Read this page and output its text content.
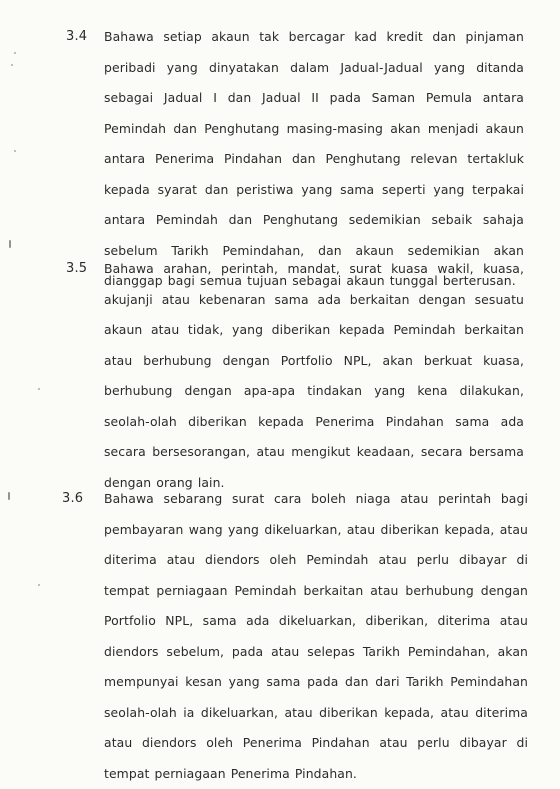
3.4 Bahawa setiap akaun tak bercagar kad kredit dan pinjaman peribadi yang dinyatakan dalam Jadual-Jadual yang ditanda sebagai Jadual I dan Jadual II pada Saman Pemula antara Pemindah dan Penghutang masing-masing akan menjadi akaun antara Penerima Pindahan dan Penghutang relevan tertakluk kepada syarat dan peristiwa yang sama seperti yang terpakai antara Pemindah dan Penghutang sedemikian sebaik sahaja sebelum Tarikh Pemindahan, dan akaun sedemikian akan dianggap bagi semua tujuan sebagai akaun tunggal berterusan.
3.5 Bahawa arahan, perintah, mandat, surat kuasa wakil, kuasa, akujanji atau kebenaran sama ada berkaitan dengan sesuatu akaun atau tidak, yang diberikan kepada Pemindah berkaitan atau berhubung dengan Portfolio NPL, akan berkuat kuasa, berhubung dengan apa-apa tindakan yang kena dilakukan, seolah-olah diberikan kepada Penerima Pindahan sama ada secara bersesorangan, atau mengikut keadaan, secara bersama dengan orang lain.
3.6 Bahawa sebarang surat cara boleh niaga atau perintah bagi pembayaran wang yang dikeluarkan, atau diberikan kepada, atau diterima atau diendors oleh Pemindah atau perlu dibayar di tempat perniagaan Pemindah berkaitan atau berhubung dengan Portfolio NPL, sama ada dikeluarkan, diberikan, diterima atau diendors sebelum, pada atau selepas Tarikh Pemindahan, akan mempunyai kesan yang sama pada dan dari Tarikh Pemindahan seolah-olah ia dikeluarkan, atau diberikan kepada, atau diterima atau diendors oleh Penerima Pindahan atau perlu dibayar di tempat perniagaan Penerima Pindahan.
